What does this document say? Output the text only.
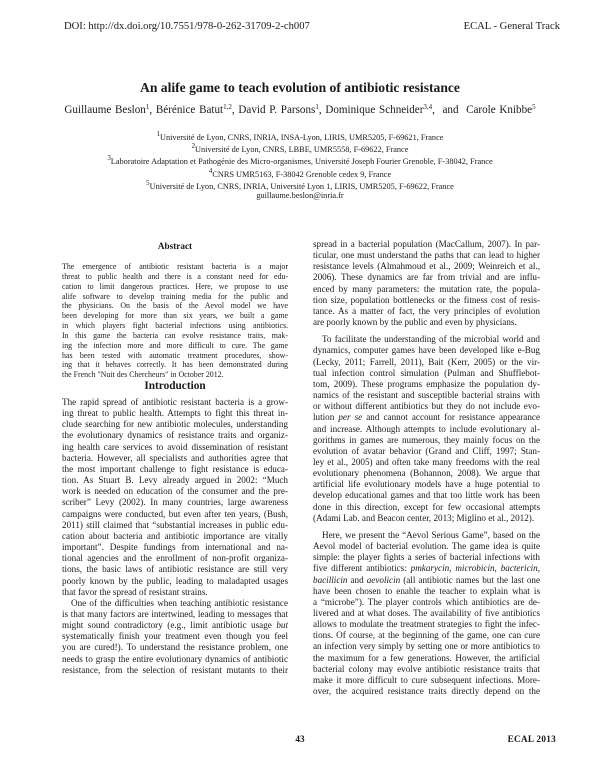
DOI: http://dx.doi.org/10.7551/978-0-262-31709-2-ch007	ECAL - General Track
An alife game to teach evolution of antibiotic resistance
Guillaume Beslon$^1$, Bérénice Batut$^{1,2}$, David P. Parsons$^1$, Dominique Schneider$^{3,4}$,  and  Carole Knibbe$^5$
$^1$Université de Lyon, CNRS, INRIA, INSA-Lyon, LIRIS, UMR5205, F-69621, France
$^2$Université de Lyon, CNRS, LBBE, UMR5558, F-69622, France
$^3$Laboratoire Adaptation et Pathogénie des Micro-organismes, Université Joseph Fourier Grenoble, F-38042, France
$^4$CNRS UMR5163, F-38042 Grenoble cedex 9, France
$^5$Université de Lyon, CNRS, INRIA, Université Lyon 1, LIRIS, UMR5205, F-69622, France
guillaume.beslon@inria.fr
Abstract
The emergence of antibiotic resistant bacteria is a major
threat to public health and there is a constant need for edu-
cation to limit dangerous practices. Here, we propose to use
alife software to develop training media for the public and
the physicians. On the basis of the Aevol model we have
been developing for more than six years, we built a game
in which players fight bacterial infections using antibiotics.
In this game the bacteria can evolve resistance traits, mak-
ing the infection more and more difficult to cure. The game
has been tested with automatic treatment procedures, show-
ing that it behaves correctly. It has been demonstrated during
the French "Nuit des Chercheurs" in October 2012.
Introduction
The rapid spread of antibiotic resistant bacteria is a grow-
ing threat to public health. Attempts to fight this threat in-
clude searching for new antibiotic molecules, understanding
the evolutionary dynamics of resistance traits and organiz-
ing health care services to avoid dissemination of resistant
bacteria. However, all specialists and authorities agree that
the most important challenge to fight resistance is educa-
tion. As Stuart B. Levy already argued in 2002: “Much
work is needed on education of the consumer and the pre-
scriber” Levy (2002). In many countries, large awareness
campaigns were conducted, but even after ten years, (Bush,
2011) still claimed that “substantial increases in public edu-
cation about bacteria and antibiotic importance are vitally
important”. Despite fundings from international and na-
tional agencies and the enrollment of non-profit organiza-
tions, the basic laws of antibiotic resistance are still very
poorly known by the public, leading to maladapted usages
that favor the spread of resistant strains.
One of the difficulties when teaching antibiotic resistance
is that many factors are intertwined, leading to messages that
might sound contradictory (e.g., limit antibiotic usage but
systematically finish your treatment even though you feel
you are cured!). To understand the resistance problem, one
needs to grasp the entire evolutionary dynamics of antibiotic
resistance, from the selection of resistant mutants to their
spread in a bacterial population (MacCallum, 2007). In par-
ticular, one must understand the paths that can lead to higher
resistance levels (Almahmoud et al., 2009; Weinreich et al.,
2006). These dynamics are far from trivial and are influ-
enced by many parameters: the mutation rate, the popula-
tion size, population bottlenecks or the fitness cost of resis-
tance. As a matter of fact, the very principles of evolution
are poorly known by the public and even by physicians.
To facilitate the understanding of the microbial world and
dynamics, computer games have been developed like e-Bug
(Lecky, 2011; Farrell, 2011), Bait (Kerr, 2005) or the vir-
tual infection control simulation (Pulman and Shufflebot-
tom, 2009). These programs emphasize the population dy-
namics of the resistant and susceptible bacterial strains with
or without different antibiotics but they do not include evo-
lution per se and cannot account for resistance appearance
and increase. Although attempts to include evolutionary al-
gorithms in games are numerous, they mainly focus on the
evolution of avatar behavior (Grand and Cliff, 1997; Stan-
ley et al., 2005) and often take many freedoms with the real
evolutionary phenomena (Bohannon, 2008). We argue that
artificial life evolutionary models have a huge potential to
develop educational games and that too little work has been
done in this direction, except for few occasional attempts
(Adami Lab. and Beacon center, 2013; Miglino et al., 2012).
Here, we present the “Aevol Serious Game”, based on the
Aevol model of bacterial evolution. The game idea is quite
simple: the player fights a series of bacterial infections with
five different antibiotics: pmkarycin, microbicin, bactericin,
bacillicin and aevolicin (all antibiotic names but the last one
have been chosen to enable the teacher to explain what is
a “microbe”). The player controls which antibiotics are de-
livered and at what doses. The availability of five antibiotics
allows to modulate the treatment strategies to fight the infec-
tions. Of course, at the beginning of the game, one can cure
an infection very simply by setting one or more antibiotics to
the maximum for a few generations. However, the artificial
bacterial colony may evolve antibiotic resistance traits that
make it more difficult to cure subsequent infections. More-
over, the acquired resistance traits directly depend on the
43	ECAL 2013
